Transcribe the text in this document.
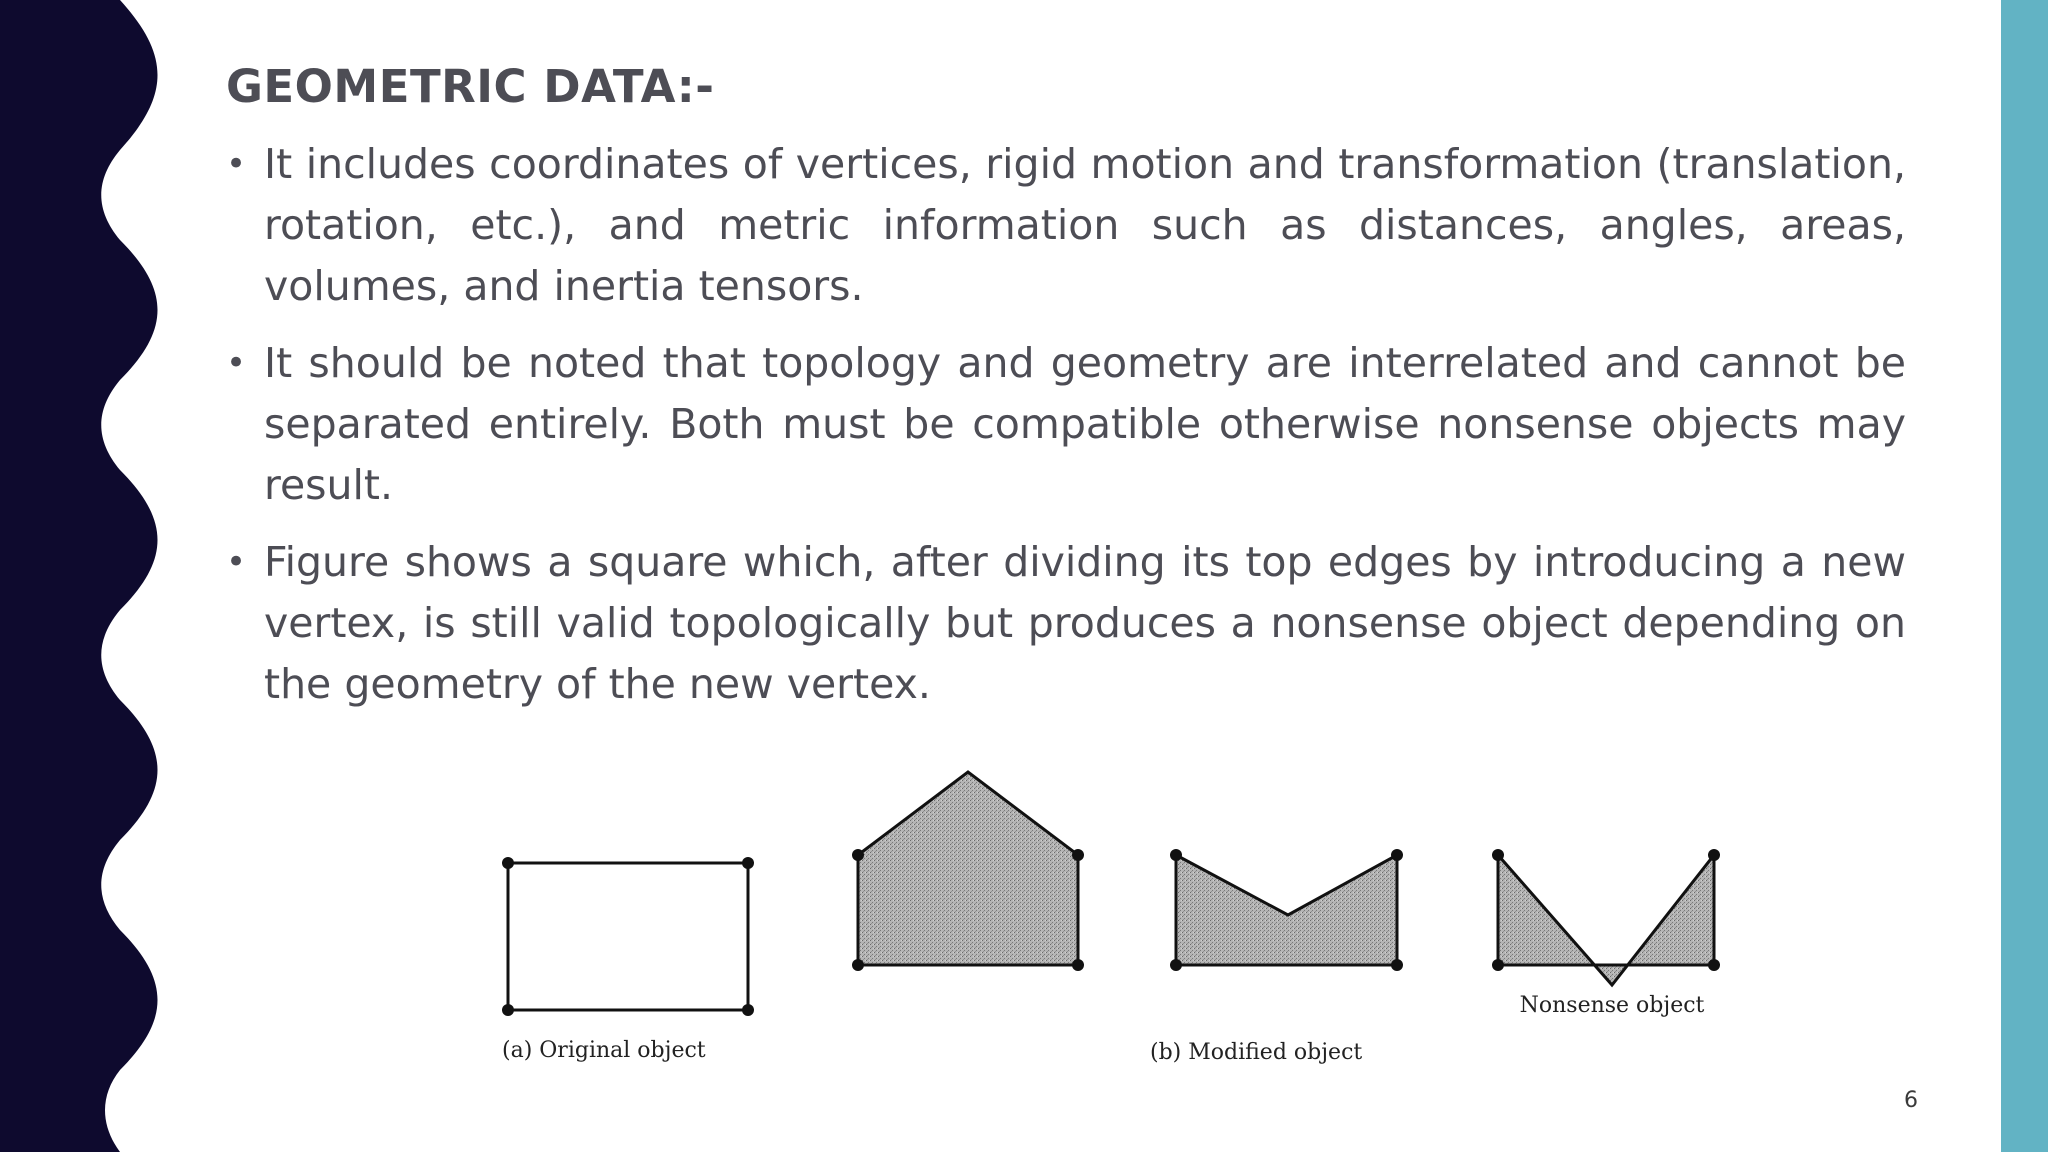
GEOMETRIC DATA:-
• It includes coordinates of vertices, rigid motion and transformation (translation, rotation, etc.), and metric information such as distances, angles, areas, volumes, and inertia tensors.
• It should be noted that topology and geometry are interrelated and cannot be separated entirely. Both must be compatible otherwise nonsense objects may result.
• Figure shows a square which, after dividing its top edges by introducing a new vertex, is still valid topologically but produces a nonsense object depending on the geometry of the new vertex.
Nonsense object
(a) Original object	(b) Modified object
6
